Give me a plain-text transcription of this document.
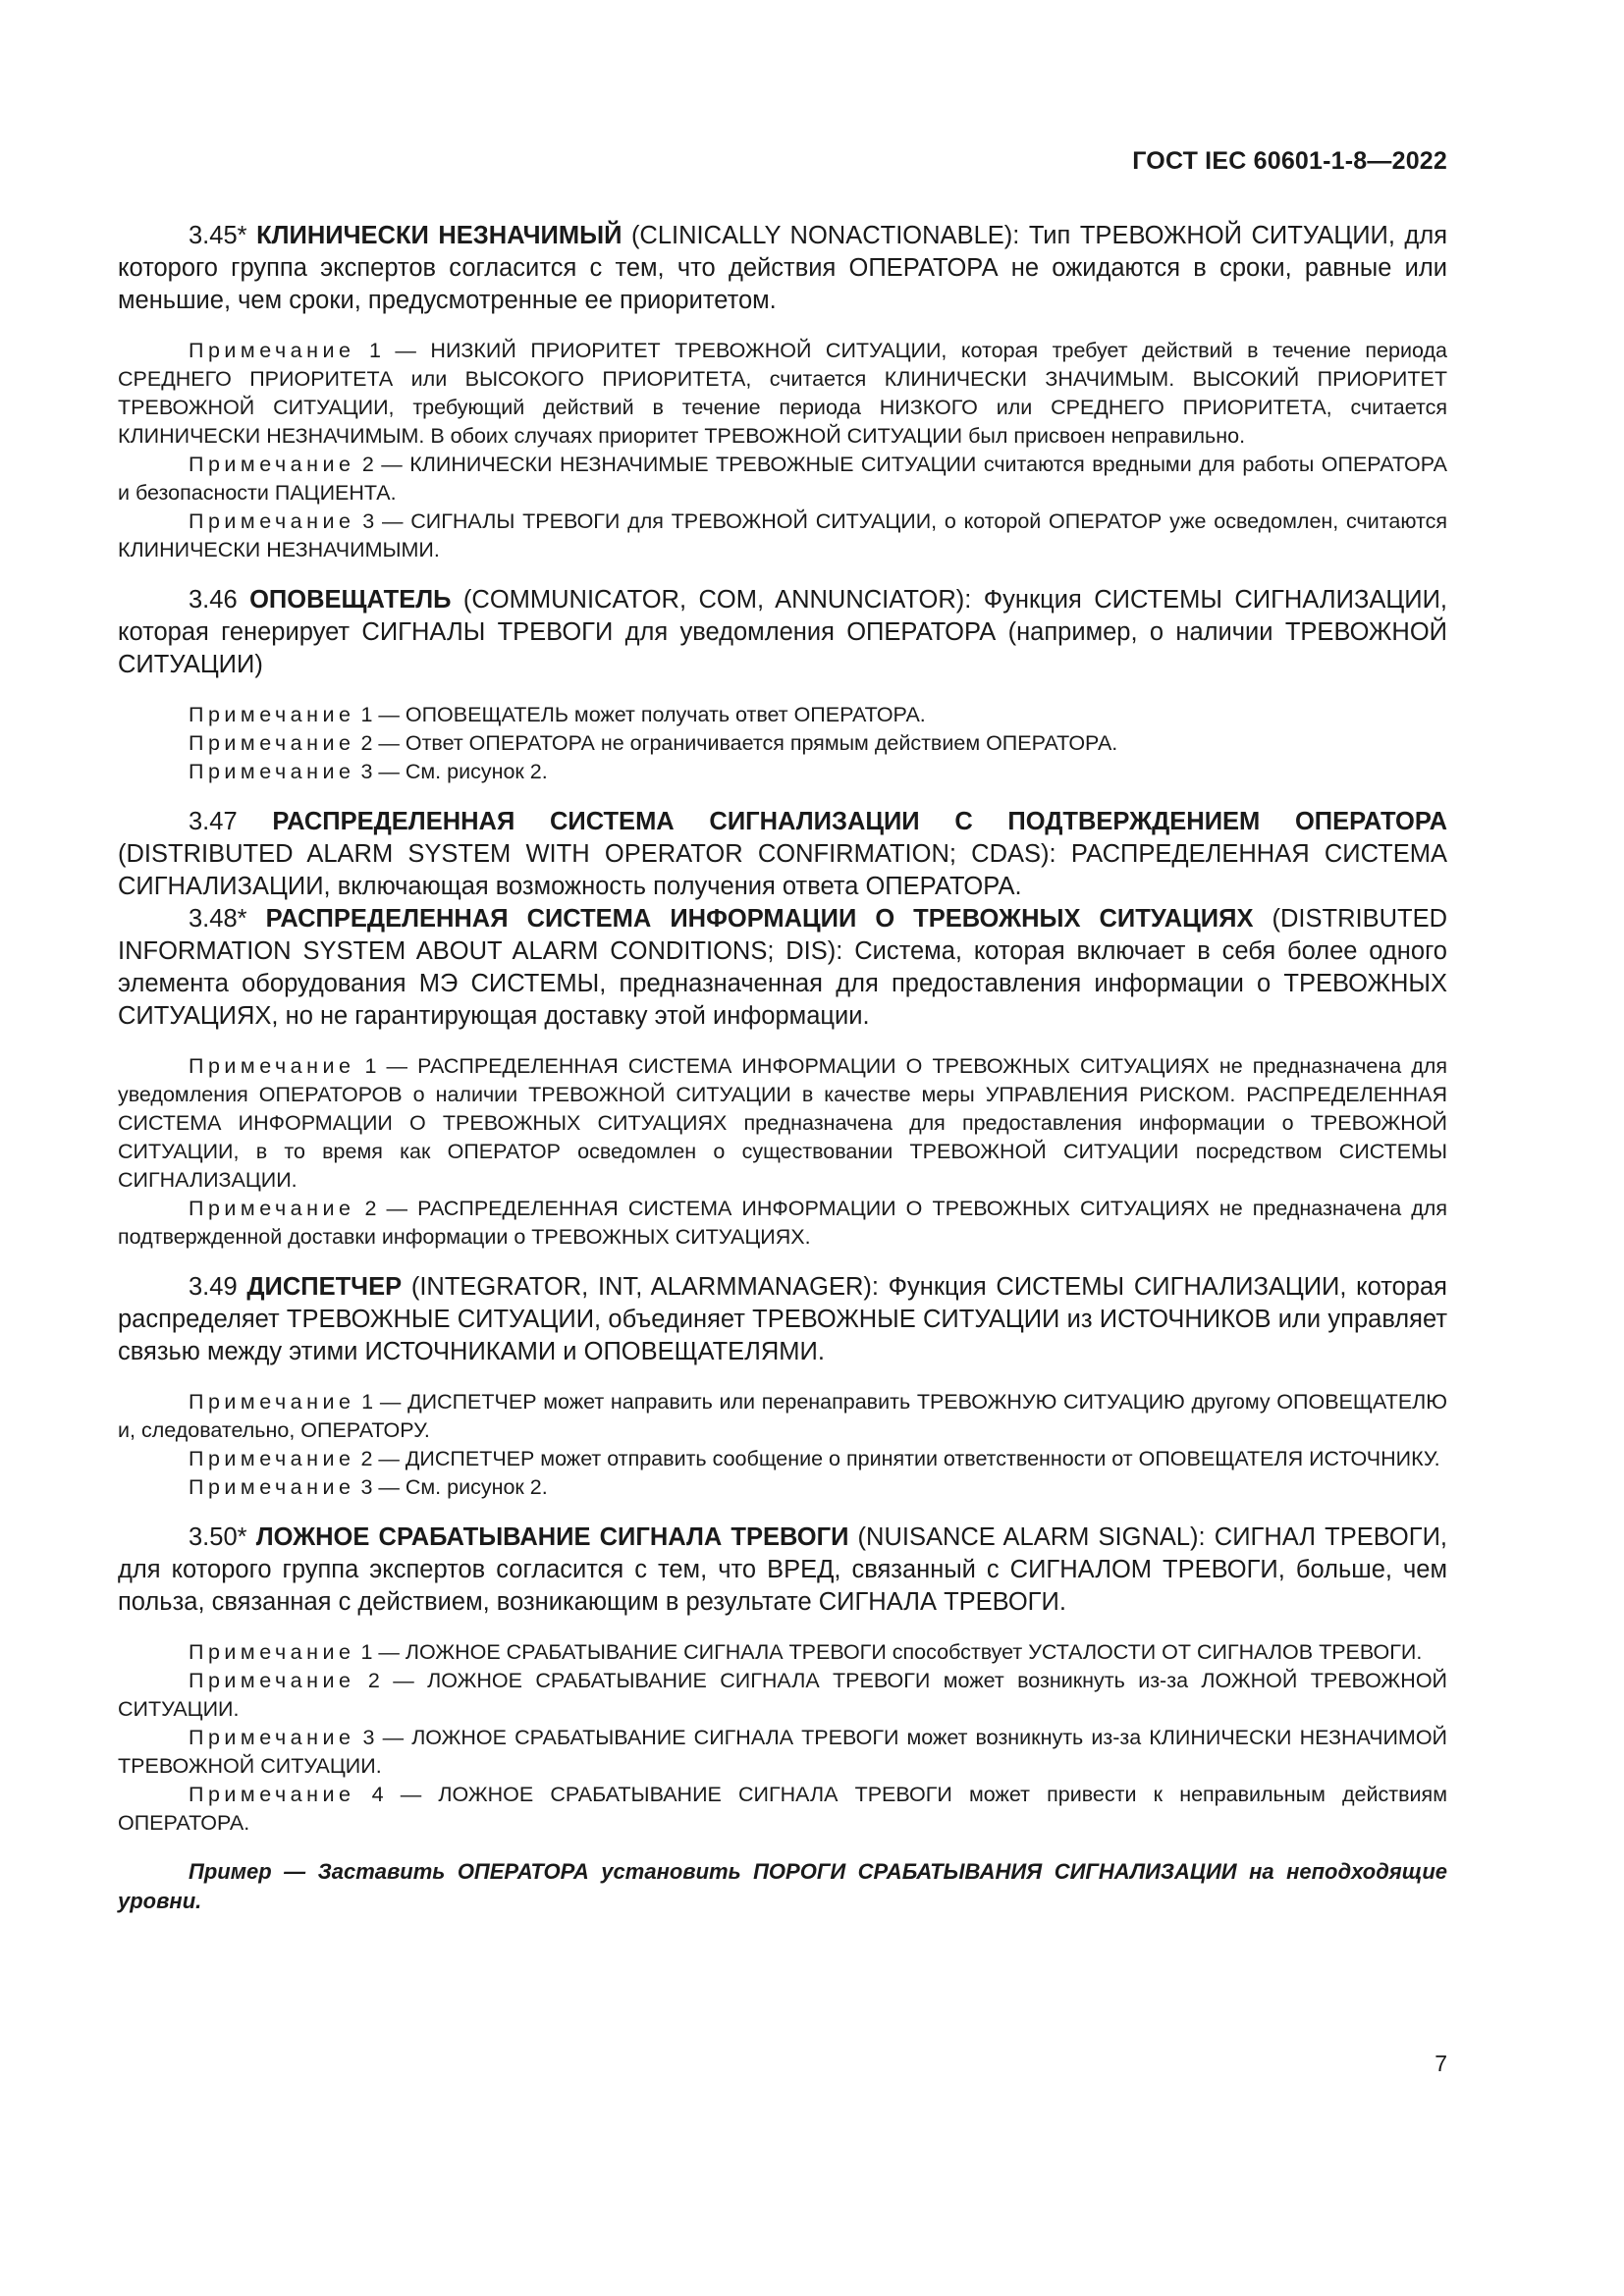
ГОСТ IEC 60601-1-8—2022

3.45* КЛИНИЧЕСКИ НЕЗНАЧИМЫЙ (CLINICALLY NONACTIONABLE): Тип ТРЕВОЖНОЙ СИТУАЦИИ, для которого группа экспертов согласится с тем, что действия ОПЕРАТОРА не ожидаются в сроки, равные или меньшие, чем сроки, предусмотренные ее приоритетом.

Примечание 1 — НИЗКИЙ ПРИОРИТЕТ ТРЕВОЖНОЙ СИТУАЦИИ, которая требует действий в течение периода СРЕДНЕГО ПРИОРИТЕТА или ВЫСОКОГО ПРИОРИТЕТА, считается КЛИНИЧЕСКИ ЗНАЧИМЫМ. ВЫСОКИЙ ПРИОРИТЕТ ТРЕВОЖНОЙ СИТУАЦИИ, требующий действий в течение периода НИЗКОГО или СРЕДНЕГО ПРИОРИТЕТА, считается КЛИНИЧЕСКИ НЕЗНАЧИМЫМ. В обоих случаях приоритет ТРЕВОЖНОЙ СИТУАЦИИ был присвоен неправильно.

Примечание 2 — КЛИНИЧЕСКИ НЕЗНАЧИМЫЕ ТРЕВОЖНЫЕ СИТУАЦИИ считаются вредными для работы ОПЕРАТОРА и безопасности ПАЦИЕНТА.

Примечание 3 — СИГНАЛЫ ТРЕВОГИ для ТРЕВОЖНОЙ СИТУАЦИИ, о которой ОПЕРАТОР уже осведомлен, считаются КЛИНИЧЕСКИ НЕЗНАЧИМЫМИ.

3.46 ОПОВЕЩАТЕЛЬ (COMMUNICATOR, COM, ANNUNCIATOR): Функция СИСТЕМЫ СИГНАЛИЗАЦИИ, которая генерирует СИГНАЛЫ ТРЕВОГИ для уведомления ОПЕРАТОРА (например, о наличии ТРЕВОЖНОЙ СИТУАЦИИ)

Примечание 1 — ОПОВЕЩАТЕЛЬ может получать ответ ОПЕРАТОРА.

Примечание 2 — Ответ ОПЕРАТОРА не ограничивается прямым действием ОПЕРАТОРА.

Примечание 3 — См. рисунок 2.

3.47 РАСПРЕДЕЛЕННАЯ СИСТЕМА СИГНАЛИЗАЦИИ С ПОДТВЕРЖДЕНИЕМ ОПЕРАТОРА (DISTRIBUTED ALARM SYSTEM WITH OPERATOR CONFIRMATION; CDAS): РАСПРЕДЕЛЕННАЯ СИСТЕМА СИГНАЛИЗАЦИИ, включающая возможность получения ответа ОПЕРАТОРА.

3.48* РАСПРЕДЕЛЕННАЯ СИСТЕМА ИНФОРМАЦИИ О ТРЕВОЖНЫХ СИТУАЦИЯХ (DISTRIBUTED INFORMATION SYSTEM ABOUT ALARM CONDITIONS; DIS): Система, которая включает в себя более одного элемента оборудования МЭ СИСТЕМЫ, предназначенная для предоставления информации о ТРЕВОЖНЫХ СИТУАЦИЯХ, но не гарантирующая доставку этой информации.

Примечание 1 — РАСПРЕДЕЛЕННАЯ СИСТЕМА ИНФОРМАЦИИ О ТРЕВОЖНЫХ СИТУАЦИЯХ не предназначена для уведомления ОПЕРАТОРОВ о наличии ТРЕВОЖНОЙ СИТУАЦИИ в качестве меры УПРАВЛЕНИЯ РИСКОМ. РАСПРЕДЕЛЕННАЯ СИСТЕМА ИНФОРМАЦИИ О ТРЕВОЖНЫХ СИТУАЦИЯХ предназначена для предоставления информации о ТРЕВОЖНОЙ СИТУАЦИИ, в то время как ОПЕРАТОР осведомлен о существовании ТРЕВОЖНОЙ СИТУАЦИИ посредством СИСТЕМЫ СИГНАЛИЗАЦИИ.

Примечание 2 — РАСПРЕДЕЛЕННАЯ СИСТЕМА ИНФОРМАЦИИ О ТРЕВОЖНЫХ СИТУАЦИЯХ не предназначена для подтвержденной доставки информации о ТРЕВОЖНЫХ СИТУАЦИЯХ.

3.49 ДИСПЕТЧЕР (INTEGRATOR, INT, ALARMMANAGER): Функция СИСТЕМЫ СИГНАЛИЗАЦИИ, которая распределяет ТРЕВОЖНЫЕ СИТУАЦИИ, объединяет ТРЕВОЖНЫЕ СИТУАЦИИ из ИСТОЧНИКОВ или управляет связью между этими ИСТОЧНИКАМИ и ОПОВЕЩАТЕЛЯМИ.

Примечание 1 — ДИСПЕТЧЕР может направить или перенаправить ТРЕВОЖНУЮ СИТУАЦИЮ другому ОПОВЕЩАТЕЛЮ и, следовательно, ОПЕРАТОРУ.

Примечание 2 — ДИСПЕТЧЕР может отправить сообщение о принятии ответственности от ОПОВЕЩАТЕЛЯ ИСТОЧНИКУ.

Примечание 3 — См. рисунок 2.

3.50* ЛОЖНОЕ СРАБАТЫВАНИЕ СИГНАЛА ТРЕВОГИ (NUISANCE ALARM SIGNAL): СИГНАЛ ТРЕВОГИ, для которого группа экспертов согласится с тем, что ВРЕД, связанный с СИГНАЛОМ ТРЕВОГИ, больше, чем польза, связанная с действием, возникающим в результате СИГНАЛА ТРЕВОГИ.

Примечание 1 — ЛОЖНОЕ СРАБАТЫВАНИЕ СИГНАЛА ТРЕВОГИ способствует УСТАЛОСТИ ОТ СИГНАЛОВ ТРЕВОГИ.

Примечание 2 — ЛОЖНОЕ СРАБАТЫВАНИЕ СИГНАЛА ТРЕВОГИ может возникнуть из-за ЛОЖНОЙ ТРЕВОЖНОЙ СИТУАЦИИ.

Примечание 3 — ЛОЖНОЕ СРАБАТЫВАНИЕ СИГНАЛА ТРЕВОГИ может возникнуть из-за КЛИНИЧЕСКИ НЕЗНАЧИМОЙ ТРЕВОЖНОЙ СИТУАЦИИ.

Примечание 4 — ЛОЖНОЕ СРАБАТЫВАНИЕ СИГНАЛА ТРЕВОГИ может привести к неправильным действиям ОПЕРАТОРА.

Пример — Заставить ОПЕРАТОРА установить ПОРОГИ СРАБАТЫВАНИЯ СИГНАЛИЗАЦИИ на неподходящие уровни.

7
